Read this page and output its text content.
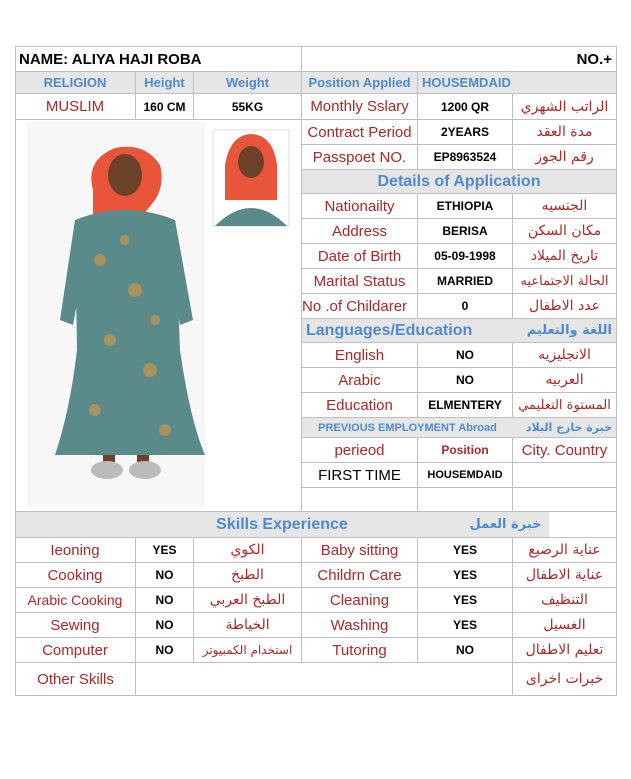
NAME: ALIYA HAJI ROBA	NO.+
RELIGION	Height	Weight	Position Applied HOUSEMDAID
MUSLIM	160 CM	55KG	Monthly Sslary	1200 QR	الراتب الشهري
Contract Period	2YEARS	مدة العقد
Passpoet NO.	EP8963524	رقم الجوز
Details of Application
Nationailty	ETHIOPIA	الجنسيه
Address	BERISA	مكان السكن
Date of Birth	05-09-1998	تاريخ الميلاد
Marital Status	MARRIED	الحالة الاجتماعيه
No .of Childarer	0	عدد الاطفال
Languages/Education	اللغة والتعليم
English	NO	الانجليزيه
Arabic	NO	العربيه
Education	ELMENTERY	المستوة التعليمي
PREVIOUS EMPLOYMENT Abroad	خبرة خارج البلاد
perieod	Position	City. Country
FIRST TIME	HOUSEMDAID
Skills Experience	خبرة العمل
Ieoning	YES	الكوي	Baby sitting	YES	عناية الرضيع
Cooking	NO	الطبخ	Childrn Care	YES	عناية الاطفال
Arabic Cooking	NO	الطبخ العربي	Cleaning	YES	التنظيف
Sewing	NO	الخياطة	Washing	YES	الغسيل
Computer	NO	استخدام الكمبيوتر	Tutoring	NO	تعليم الاطفال
Other Skills	خبرات اخراى
